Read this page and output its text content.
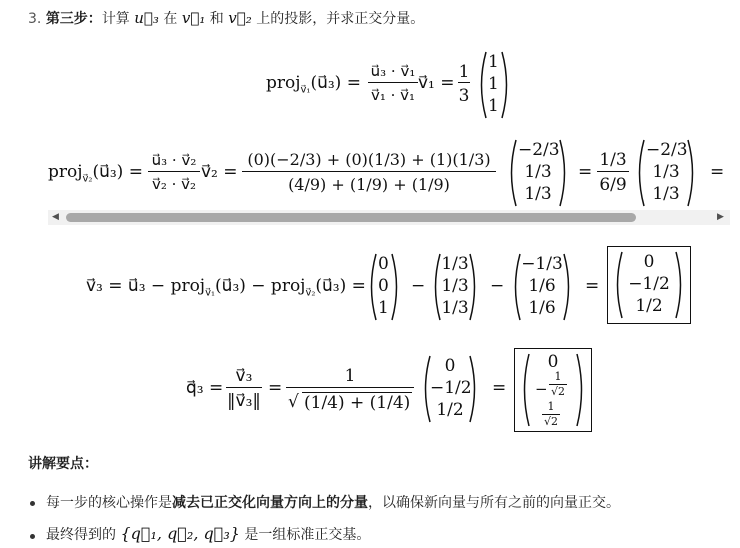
3. 第三步：计算 u⃗₃ 在 v⃗₁ 和 v⃗₂ 上的投影，并求正交分量。
proj$_{v⃗_1}$(u⃗₃) =
u⃗₃ · v⃗₁
v⃗₁ · v⃗₁
v⃗₁ =
1
3
1
1
1
proj$_{v⃗_2}$(u⃗₃) =
u⃗₃ · v⃗₂
v⃗₂ · v⃗₂
v⃗₂ =
(0)(−2/3) + (0)(1/3) + (1)(1/3)
(4/9) + (1/9) + (1/9)
−2/3
1/3
1/3
=
1/3
6/9
−2/3
1/3
1/3
=
◀	▶
v⃗₃ = u⃗₃ − proj$_{v⃗_1}$(u⃗₃) − proj$_{v⃗_2}$(u⃗₃) =
0
0
1
−
1/3
1/3
1/3
−
−1/3
1/6
1/6
=
0
−1/2
1/2
q⃗₃ =
v⃗₃
‖v⃗₃‖
=
1
√ (1/4) + (1/4)
0
−1/2
1/2
=
0
−
1
√2
1
√2
讲解要点：
每一步的核心操作是减去已正交化向量方向上的分量，以确保新向量与所有之前的向量正交。
最终得到的 {q⃗₁, q⃗₂, q⃗₃} 是一组标准正交基。
